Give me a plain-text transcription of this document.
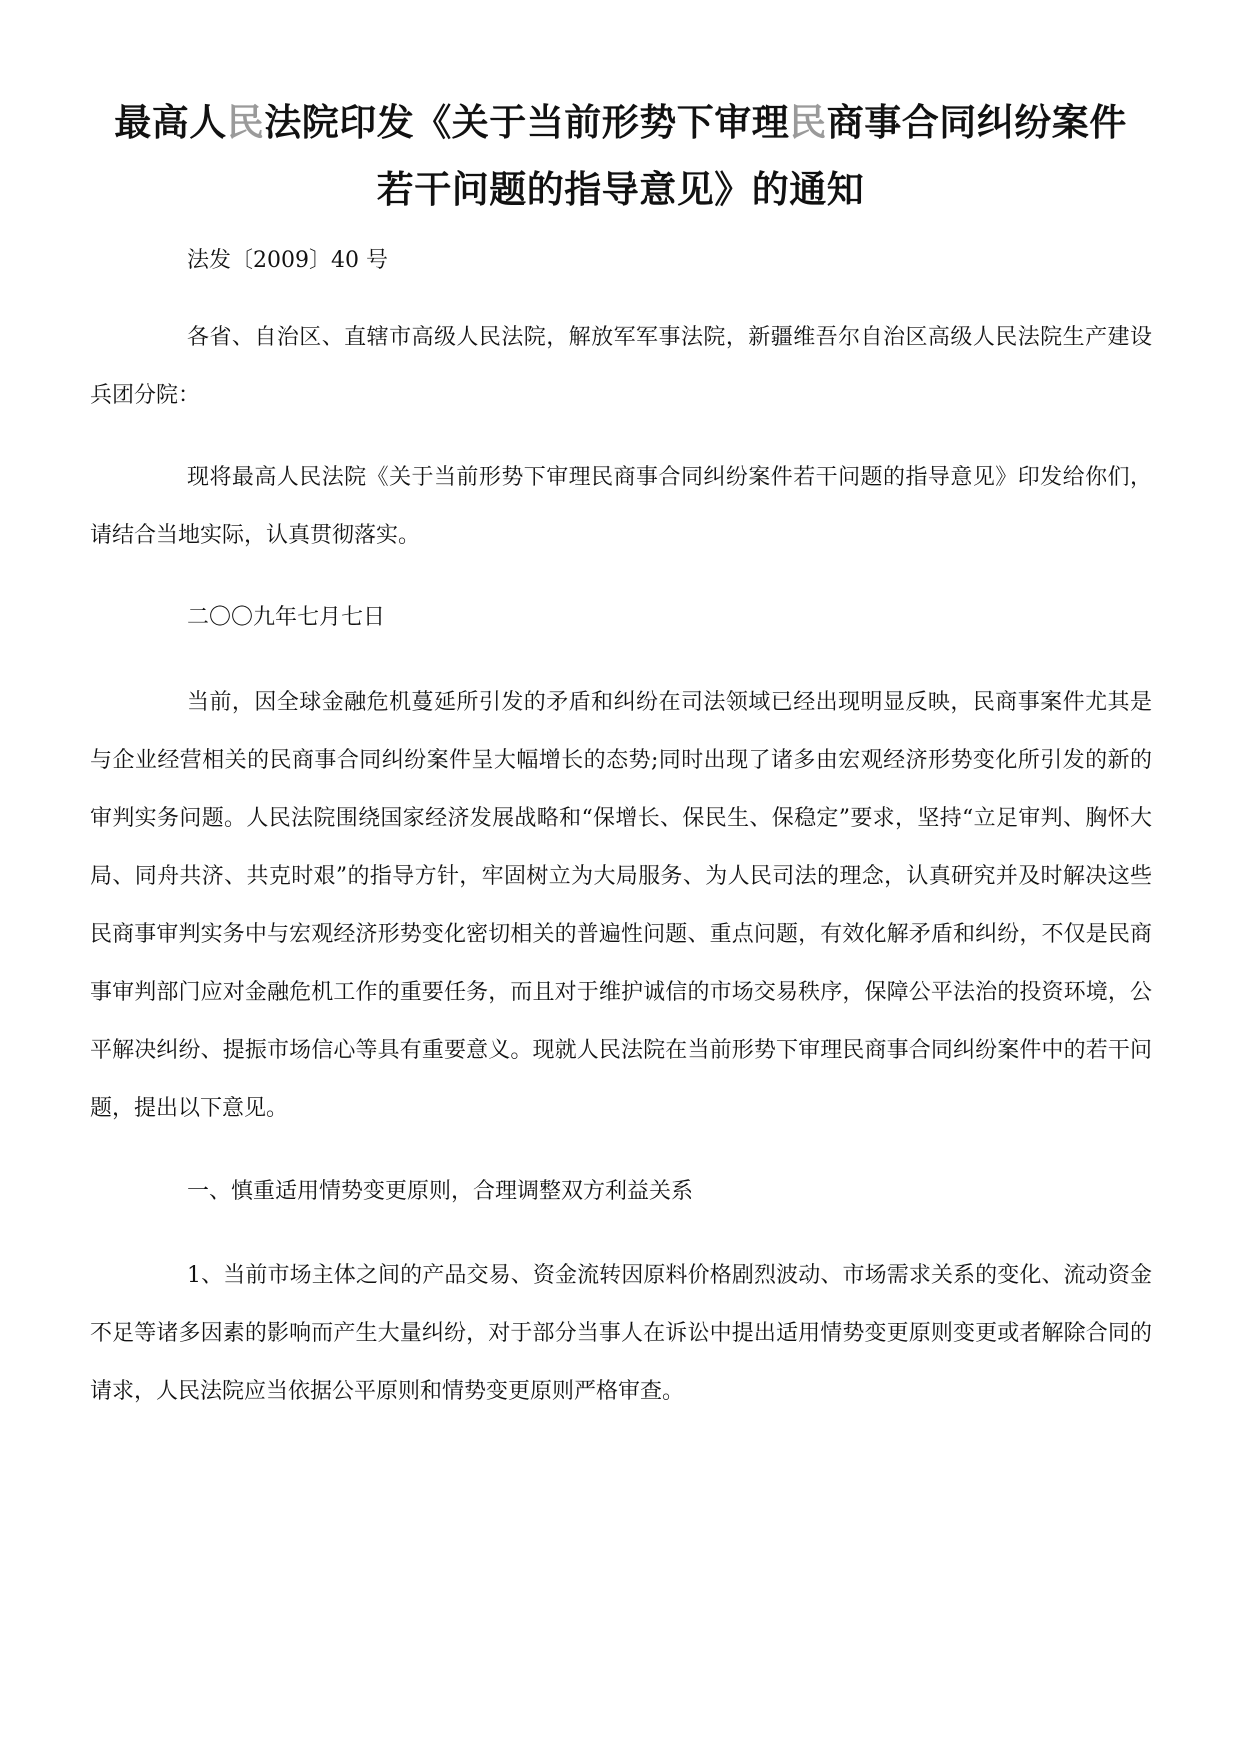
最高人民法院印发《关于当前形势下审理民商事合同纠纷案件
若干问题的指导意见》的通知

法发〔2009〕40 号

各省、自治区、直辖市高级人民法院，解放军军事法院，新疆维吾尔自治区高级人民法院生产建设兵团分院：

现将最高人民法院《关于当前形势下审理民商事合同纠纷案件若干问题的指导意见》印发给你们，请结合当地实际，认真贯彻落实。

二〇〇九年七月七日

当前，因全球金融危机蔓延所引发的矛盾和纠纷在司法领域已经出现明显反映，民商事案件尤其是与企业经营相关的民商事合同纠纷案件呈大幅增长的态势;同时出现了诸多由宏观经济形势变化所引发的新的审判实务问题。人民法院围绕国家经济发展战略和“保增长、保民生、保稳定”要求，坚持“立足审判、胸怀大局、同舟共济、共克时艰”的指导方针，牢固树立为大局服务、为人民司法的理念，认真研究并及时解决这些民商事审判实务中与宏观经济形势变化密切相关的普遍性问题、重点问题，有效化解矛盾和纠纷，不仅是民商事审判部门应对金融危机工作的重要任务，而且对于维护诚信的市场交易秩序，保障公平法治的投资环境，公平解决纠纷、提振市场信心等具有重要意义。现就人民法院在当前形势下审理民商事合同纠纷案件中的若干问题，提出以下意见。

一、慎重适用情势变更原则，合理调整双方利益关系

1、当前市场主体之间的产品交易、资金流转因原料价格剧烈波动、市场需求关系的变化、流动资金不足等诸多因素的影响而产生大量纠纷，对于部分当事人在诉讼中提出适用情势变更原则变更或者解除合同的请求，人民法院应当依据公平原则和情势变更原则严格审查。
